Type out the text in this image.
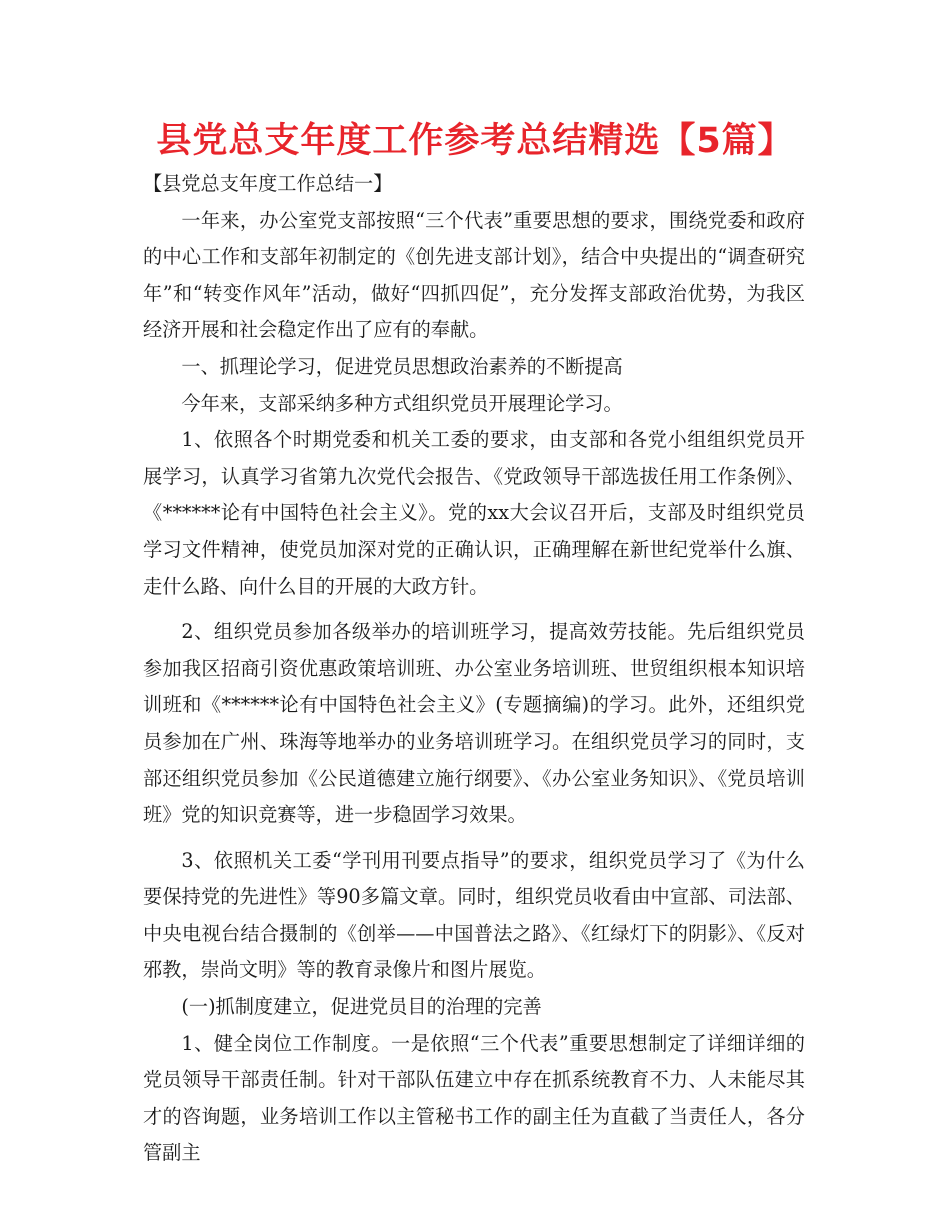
县党总支年度工作参考总结精选【5篇】

【县党总支年度工作总结一】

一年来，办公室党支部按照“三个代表”重要思想的要求，围绕党委和政府的中心工作和支部年初制定的《创先进支部计划》，结合中央提出的“调查研究年”和“转变作风年”活动，做好“四抓四促”，充分发挥支部政治优势，为我区经济开展和社会稳定作出了应有的奉献。

一、抓理论学习，促进党员思想政治素养的不断提高

今年来，支部采纳多种方式组织党员开展理论学习。

1、依照各个时期党委和机关工委的要求，由支部和各党小组组织党员开展学习，认真学习省第九次党代会报告、《党政领导干部选拔任用工作条例》、《******论有中国特色社会主义》。党的xx大会议召开后，支部及时组织党员学习文件精神，使党员加深对党的正确认识，正确理解在新世纪党举什么旗、走什么路、向什么目的开展的大政方针。

2、组织党员参加各级举办的培训班学习，提高效劳技能。先后组织党员参加我区招商引资优惠政策培训班、办公室业务培训班、世贸组织根本知识培训班和《******论有中国特色社会主义》(专题摘编)的学习。此外，还组织党员参加在广州、珠海等地举办的业务培训班学习。在组织党员学习的同时，支部还组织党员参加《公民道德建立施行纲要》、《办公室业务知识》、《党员培训班》党的知识竞赛等，进一步稳固学习效果。

3、依照机关工委“学刊用刊要点指导”的要求，组织党员学习了《为什么要保持党的先进性》等90多篇文章。同时，组织党员收看由中宣部、司法部、中央电视台结合摄制的《创举——中国普法之路》、《红绿灯下的阴影》、《反对邪教，崇尚文明》等的教育录像片和图片展览。

(一)抓制度建立，促进党员目的治理的完善

1、健全岗位工作制度。一是依照“三个代表”重要思想制定了详细详细的党员领导干部责任制。针对干部队伍建立中存在抓系统教育不力、人未能尽其才的咨询题，业务培训工作以主管秘书工作的副主任为直截了当责任人，各分管副主
